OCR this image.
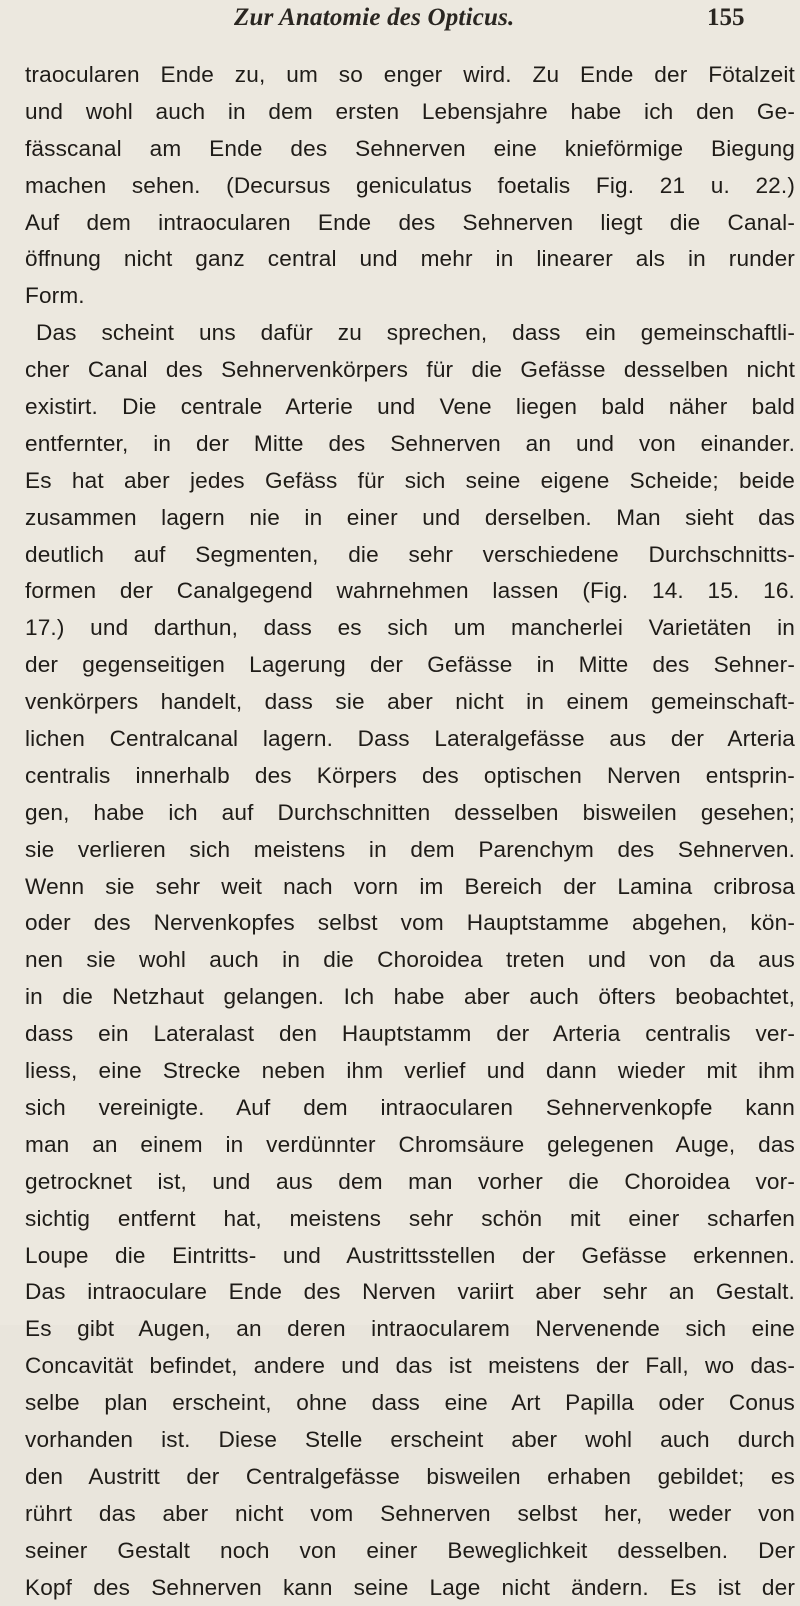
Zur Anatomie des Opticus.	155
traocularen Ende zu, um so enger wird. Zu Ende der Fötalzeit
und wohl auch in dem ersten Lebensjahre habe ich den Ge-
fässcanal am Ende des Sehnerven eine knieförmige Biegung
machen sehen. (Decursus geniculatus foetalis Fig. 21 u. 22.)
Auf dem intraocularen Ende des Sehnerven liegt die Canal-
öffnung nicht ganz central und mehr in linearer als in runder
Form.
Das scheint uns dafür zu sprechen, dass ein gemeinschaftli-
cher Canal des Sehnervenkörpers für die Gefässe desselben nicht
existirt. Die centrale Arterie und Vene liegen bald näher bald
entfernter, in der Mitte des Sehnerven an und von einander.
Es hat aber jedes Gefäss für sich seine eigene Scheide; beide
zusammen lagern nie in einer und derselben. Man sieht das
deutlich auf Segmenten, die sehr verschiedene Durchschnitts-
formen der Canalgegend wahrnehmen lassen (Fig. 14. 15. 16.
17.) und darthun, dass es sich um mancherlei Varietäten in
der gegenseitigen Lagerung der Gefässe in Mitte des Sehner-
venkörpers handelt, dass sie aber nicht in einem gemeinschaft-
lichen Centralcanal lagern. Dass Lateralgefässe aus der Arteria
centralis innerhalb des Körpers des optischen Nerven entsprin-
gen, habe ich auf Durchschnitten desselben bisweilen gesehen;
sie verlieren sich meistens in dem Parenchym des Sehnerven.
Wenn sie sehr weit nach vorn im Bereich der Lamina cribrosa
oder des Nervenkopfes selbst vom Hauptstamme abgehen, kön-
nen sie wohl auch in die Choroidea treten und von da aus
in die Netzhaut gelangen. Ich habe aber auch öfters beobachtet,
dass ein Lateralast den Hauptstamm der Arteria centralis ver-
liess, eine Strecke neben ihm verlief und dann wieder mit ihm
sich vereinigte. Auf dem intraocularen Sehnervenkopfe kann
man an einem in verdünnter Chromsäure gelegenen Auge, das
getrocknet ist, und aus dem man vorher die Choroidea vor-
sichtig entfernt hat, meistens sehr schön mit einer scharfen
Loupe die Eintritts- und Austrittsstellen der Gefässe erkennen.
Das intraoculare Ende des Nerven variirt aber sehr an Gestalt.
Es gibt Augen, an deren intraocularem Nervenende sich eine
Concavität befindet, andere und das ist meistens der Fall, wo das-
selbe plan erscheint, ohne dass eine Art Papilla oder Conus
vorhanden ist. Diese Stelle erscheint aber wohl auch durch
den Austritt der Centralgefässe bisweilen erhaben gebildet; es
rührt das aber nicht vom Sehnerven selbst her, weder von
seiner Gestalt noch von einer Beweglichkeit desselben. Der
Kopf des Sehnerven kann seine Lage nicht ändern. Es ist der
